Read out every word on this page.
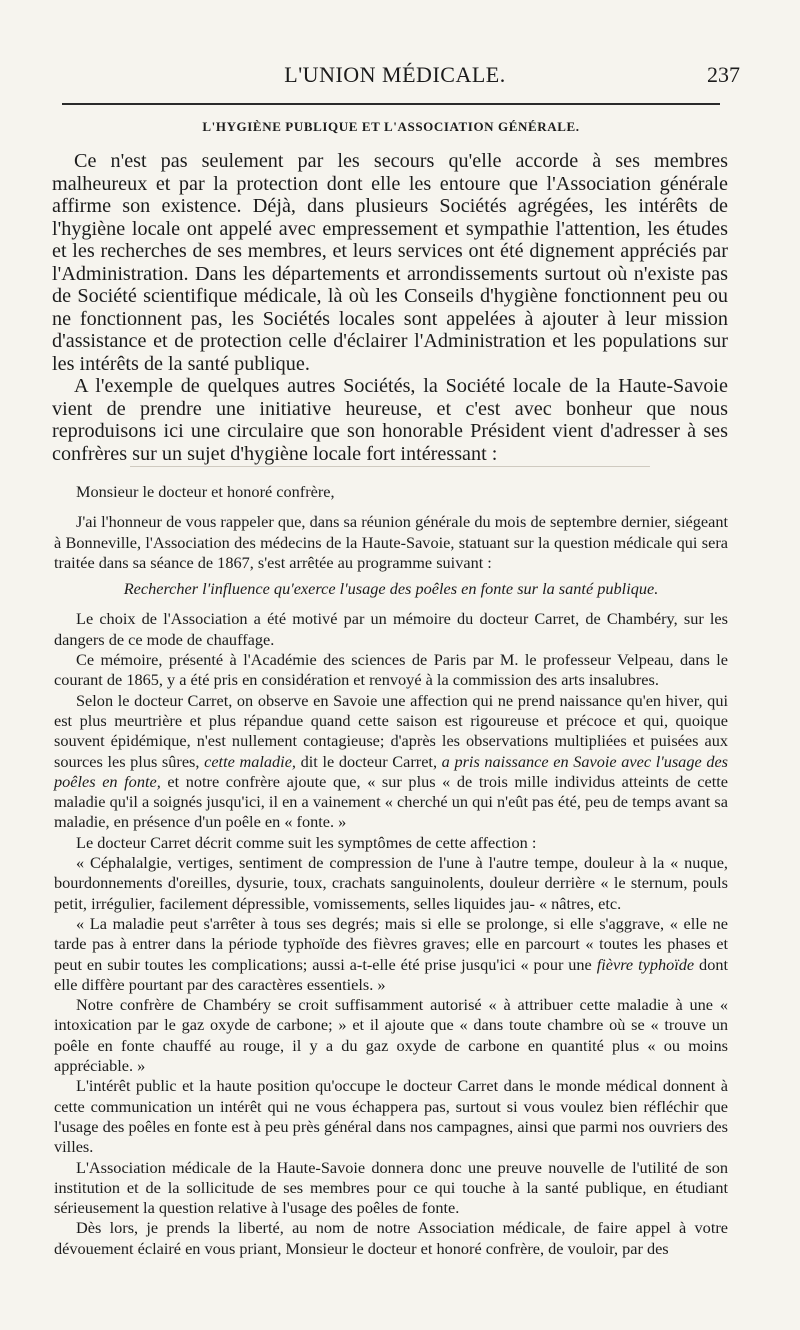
L'UNION MÉDICALE.	237
L'HYGIÈNE PUBLIQUE ET L'ASSOCIATION GÉNÉRALE.

Ce n'est pas seulement par les secours qu'elle accorde à ses membres malheureux et par la protection dont elle les entoure que l'Association générale affirme son existence. Déjà, dans plusieurs Sociétés agrégées, les intérêts de l'hygiène locale ont appelé avec empressement et sympathie l'attention, les études et les recherches de ses membres, et leurs services ont été dignement appréciés par l'Administration. Dans les départements et arrondissements surtout où n'existe pas de Société scientifique médicale, là où les Conseils d'hygiène fonctionnent peu ou ne fonctionnent pas, les Sociétés locales sont appelées à ajouter à leur mission d'assistance et de protection celle d'éclairer l'Administration et les populations sur les intérêts de la santé publique.

A l'exemple de quelques autres Sociétés, la Société locale de la Haute-Savoie vient de prendre une initiative heureuse, et c'est avec bonheur que nous reproduisons ici une circulaire que son honorable Président vient d'adresser à ses confrères sur un sujet d'hygiène locale fort intéressant :

Monsieur le docteur et honoré confrère,

J'ai l'honneur de vous rappeler que, dans sa réunion générale du mois de septembre dernier, siégeant à Bonneville, l'Association des médecins de la Haute-Savoie, statuant sur la question médicale qui sera traitée dans sa séance de 1867, s'est arrêtée au programme suivant :

Rechercher l'influence qu'exerce l'usage des poêles en fonte sur la santé publique.

Le choix de l'Association a été motivé par un mémoire du docteur Carret, de Chambéry, sur les dangers de ce mode de chauffage.

Ce mémoire, présenté à l'Académie des sciences de Paris par M. le professeur Velpeau, dans le courant de 1865, y a été pris en considération et renvoyé à la commission des arts insalubres.

Selon le docteur Carret, on observe en Savoie une affection qui ne prend naissance qu'en hiver, qui est plus meurtrière et plus répandue quand cette saison est rigoureuse et précoce et qui, quoique souvent épidémique, n'est nullement contagieuse; d'après les observations multipliées et puisées aux sources les plus sûres, cette maladie, dit le docteur Carret, a pris naissance en Savoie avec l'usage des poêles en fonte, et notre confrère ajoute que, « sur plus « de trois mille individus atteints de cette maladie qu'il a soignés jusqu'ici, il en a vainement « cherché un qui n'eût pas été, peu de temps avant sa maladie, en présence d'un poêle en « fonte. »

Le docteur Carret décrit comme suit les symptômes de cette affection :

« Céphalalgie, vertiges, sentiment de compression de l'une à l'autre tempe, douleur à la « nuque, bourdonnements d'oreilles, dysurie, toux, crachats sanguinolents, douleur derrière « le sternum, pouls petit, irrégulier, facilement dépressible, vomissements, selles liquides jau- « nâtres, etc.

« La maladie peut s'arrêter à tous ses degrés; mais si elle se prolonge, si elle s'aggrave, « elle ne tarde pas à entrer dans la période typhoïde des fièvres graves; elle en parcourt « toutes les phases et peut en subir toutes les complications; aussi a-t-elle été prise jusqu'ici « pour une fièvre typhoïde dont elle diffère pourtant par des caractères essentiels. »

Notre confrère de Chambéry se croit suffisamment autorisé « à attribuer cette maladie à une « intoxication par le gaz oxyde de carbone; » et il ajoute que « dans toute chambre où se « trouve un poêle en fonte chauffé au rouge, il y a du gaz oxyde de carbone en quantité plus « ou moins appréciable. »

L'intérêt public et la haute position qu'occupe le docteur Carret dans le monde médical donnent à cette communication un intérêt qui ne vous échappera pas, surtout si vous voulez bien réfléchir que l'usage des poêles en fonte est à peu près général dans nos campagnes, ainsi que parmi nos ouvriers des villes.

L'Association médicale de la Haute-Savoie donnera donc une preuve nouvelle de l'utilité de son institution et de la sollicitude de ses membres pour ce qui touche à la santé publique, en étudiant sérieusement la question relative à l'usage des poêles de fonte.

Dès lors, je prends la liberté, au nom de notre Association médicale, de faire appel à votre dévouement éclairé en vous priant, Monsieur le docteur et honoré confrère, de vouloir, par des
